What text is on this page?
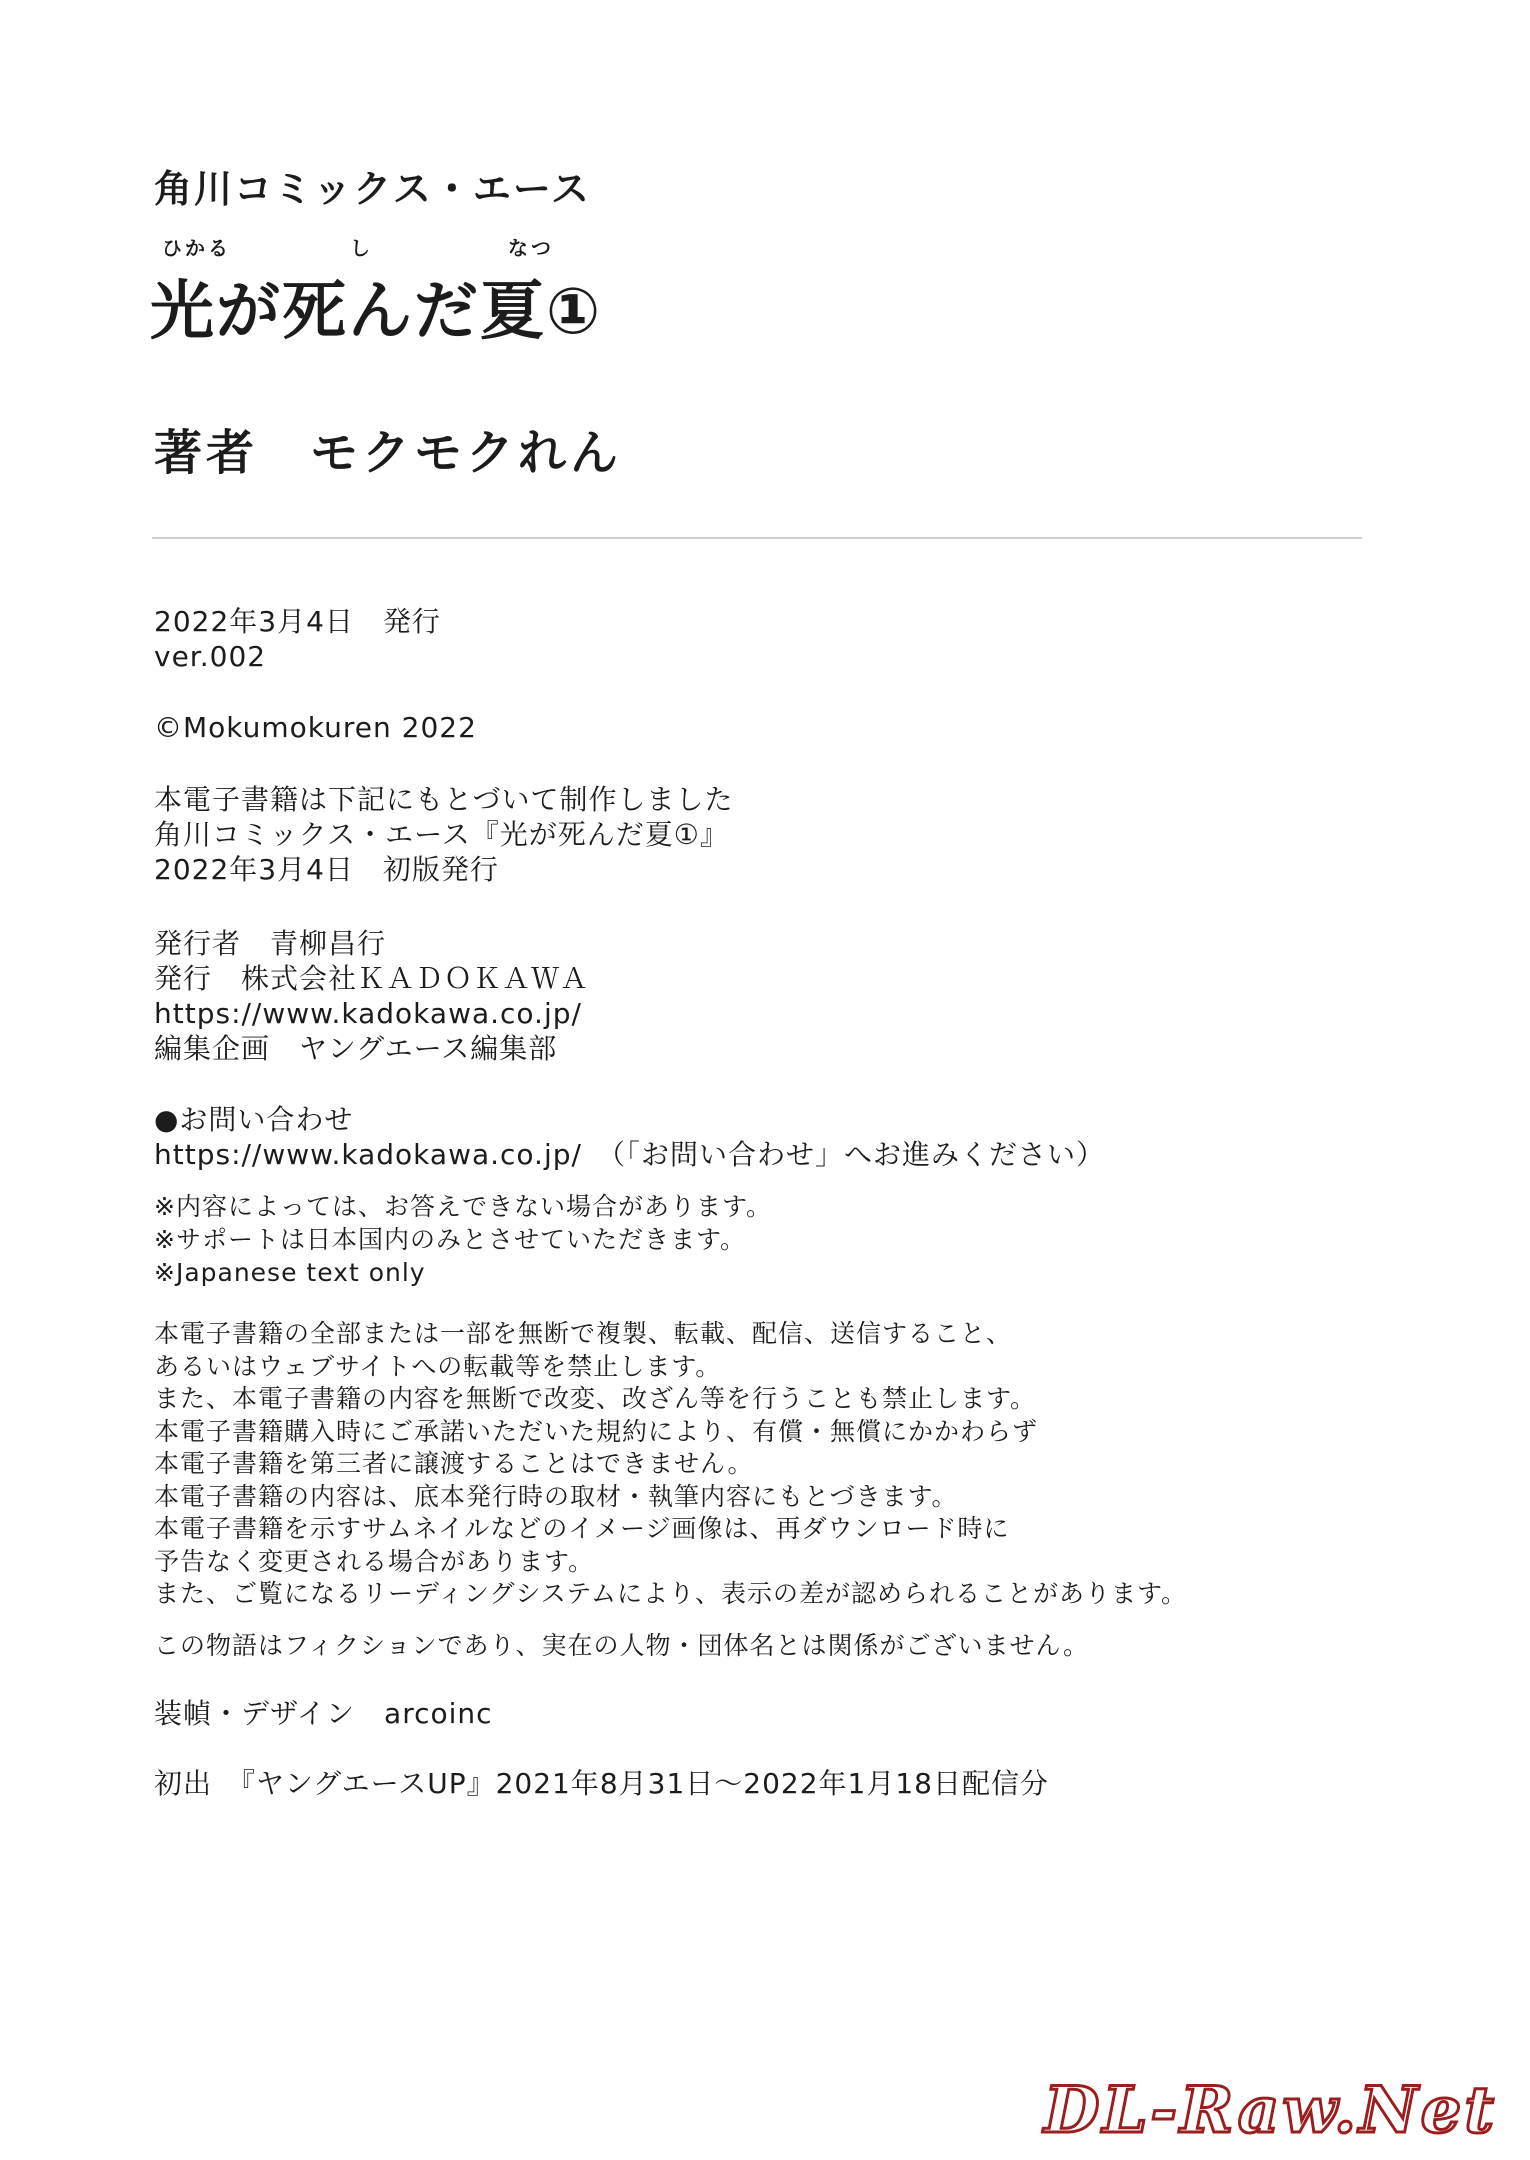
角川コミックス・エース
ひかる	し	なつ
光が死んだ夏①
著者 モクモクれん
2022年3月4日　発行
ver.002
©Mokumokuren 2022
本電子書籍は下記にもとづいて制作しました
角川コミックス・エース『光が死んだ夏①』
2022年3月4日　初版発行
発行者　青柳昌行
発行　株式会社ＫＡＤＯＫＡＷＡ
https://www.kadokawa.co.jp/
編集企画　ヤングエース編集部
●お問い合わせ
https://www.kadokawa.co.jp/　（「お問い合わせ」へお進みください）
※内容によっては、お答えできない場合があります。
※サポートは日本国内のみとさせていただきます。
※Japanese text only
本電子書籍の全部または一部を無断で複製、転載、配信、送信すること、
あるいはウェブサイトへの転載等を禁止します。
また、本電子書籍の内容を無断で改変、改ざん等を行うことも禁止します。
本電子書籍購入時にご承諾いただいた規約により、有償・無償にかかわらず
本電子書籍を第三者に譲渡することはできません。
本電子書籍の内容は、底本発行時の取材・執筆内容にもとづきます。
本電子書籍を示すサムネイルなどのイメージ画像は、再ダウンロード時に
予告なく変更される場合があります。
また、ご覧になるリーディングシステムにより、表示の差が認められることがあります。
この物語はフィクションであり、実在の人物・団体名とは関係がございません。
装幀・デザイン　arcoinc
初出　『ヤングエースUP』2021年8月31日～2022年1月18日配信分
DL-Raw.Net
